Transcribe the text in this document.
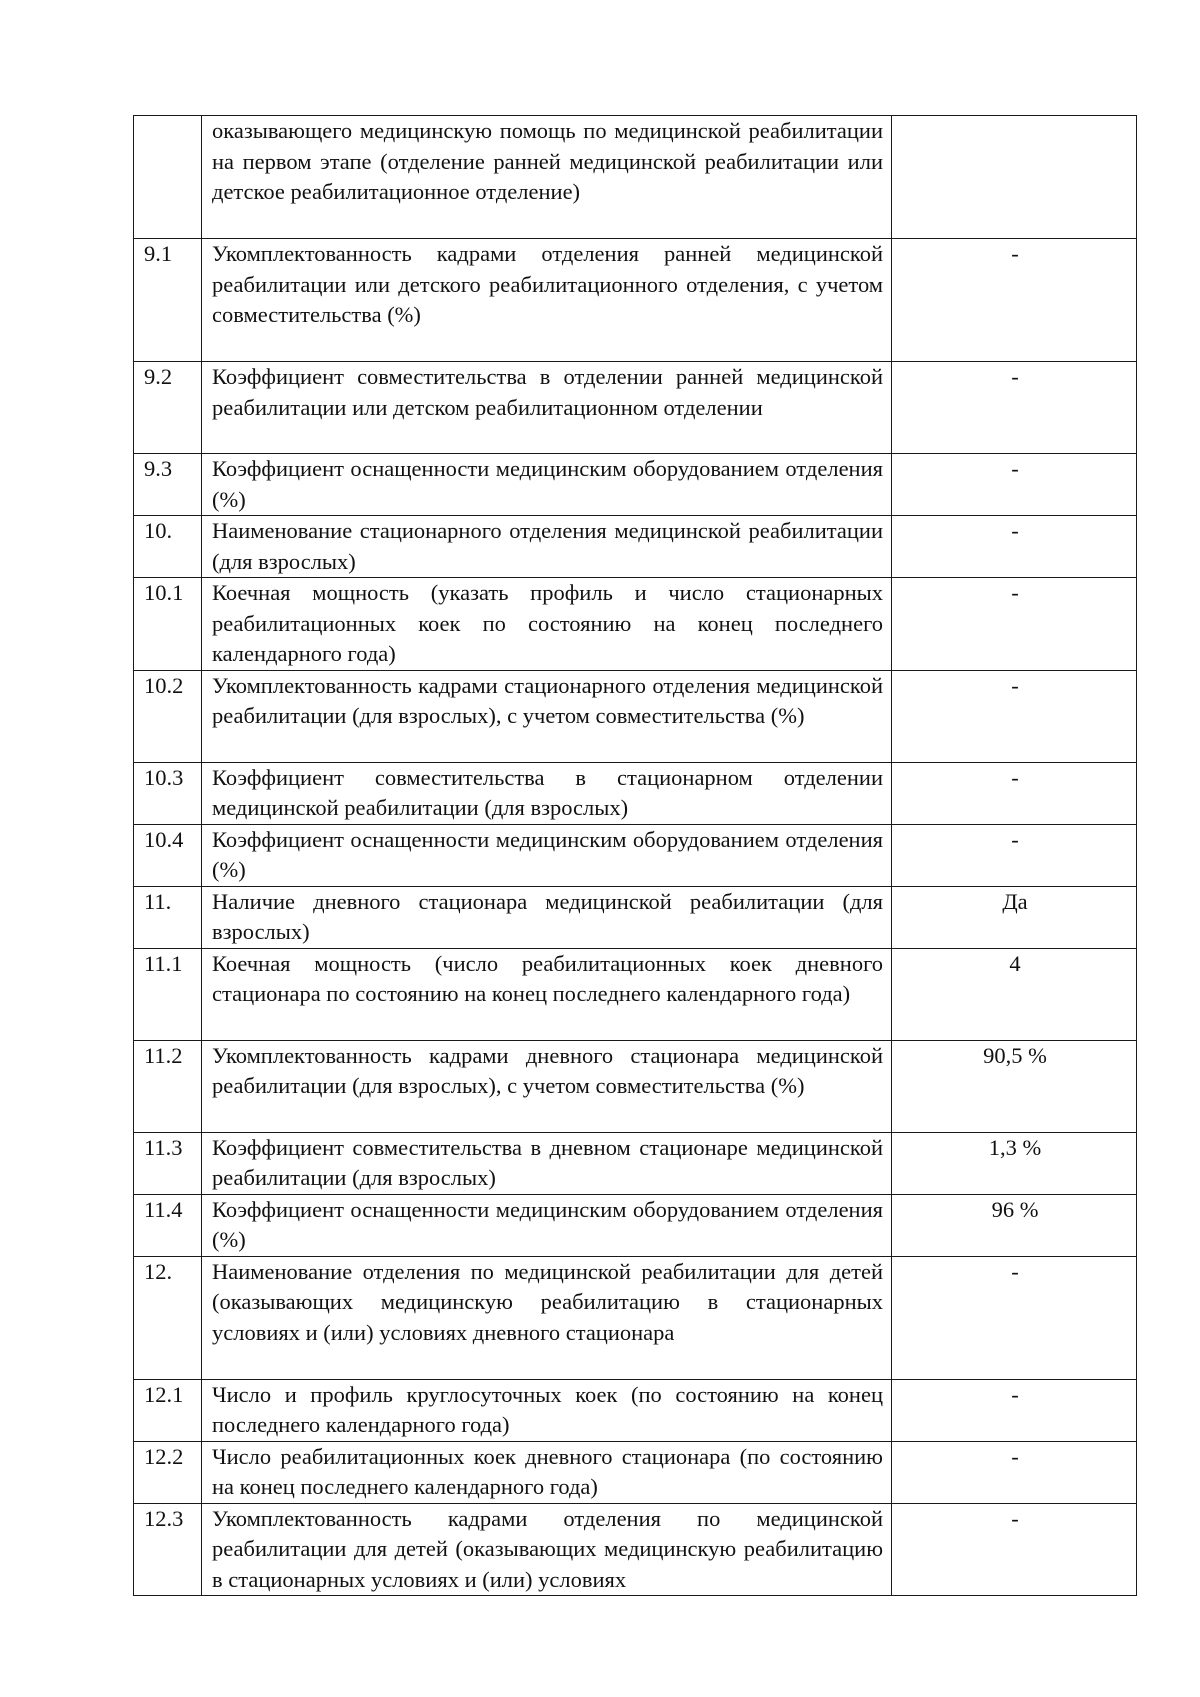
	оказывающего медицинскую помощь по медицинской реабилитации на первом этапе (отделение ранней медицинской реабилитации или детское реабилитационное отделение)	
9.1	Укомплектованность кадрами отделения ранней медицинской реабилитации или детского реабилитационного отделения, с учетом совместительства (%)	-
9.2	Коэффициент совместительства в отделении ранней медицинской реабилитации или детском реабилитационном отделении	-
9.3	Коэффициент оснащенности медицинским оборудованием отделения (%)	-
10.	Наименование стационарного отделения медицинской реабилитации (для взрослых)	-
10.1	Коечная мощность (указать профиль и число стационарных реабилитационных коек по состоянию на конец последнего календарного года)	-
10.2	Укомплектованность кадрами стационарного отделения медицинской реабилитации (для взрослых), с учетом совместительства (%)	-
10.3	Коэффициент совместительства в стационарном отделении медицинской реабилитации (для взрослых)	-
10.4	Коэффициент оснащенности медицинским оборудованием отделения (%)	-
11.	Наличие дневного стационара медицинской реабилитации (для взрослых)	Да
11.1	Коечная мощность (число реабилитационных коек дневного стационара по состоянию на конец последнего календарного года)	4
11.2	Укомплектованность кадрами дневного стационара медицинской реабилитации (для взрослых), с учетом совместительства (%)	90,5 %
11.3	Коэффициент совместительства в дневном стационаре медицинской реабилитации (для взрослых)	1,3 %
11.4	Коэффициент оснащенности медицинским оборудованием отделения (%)	96 %
12.	Наименование отделения по медицинской реабилитации для детей (оказывающих медицинскую реабилитацию в стационарных условиях и (или) условиях дневного стационара	-
12.1	Число и профиль круглосуточных коек (по состоянию на конец последнего календарного года)	-
12.2	Число реабилитационных коек дневного стационара (по состоянию на конец последнего календарного года)	-
12.3	Укомплектованность кадрами отделения по медицинской реабилитации для детей (оказывающих медицинскую реабилитацию в стационарных условиях и (или) условиях	-
